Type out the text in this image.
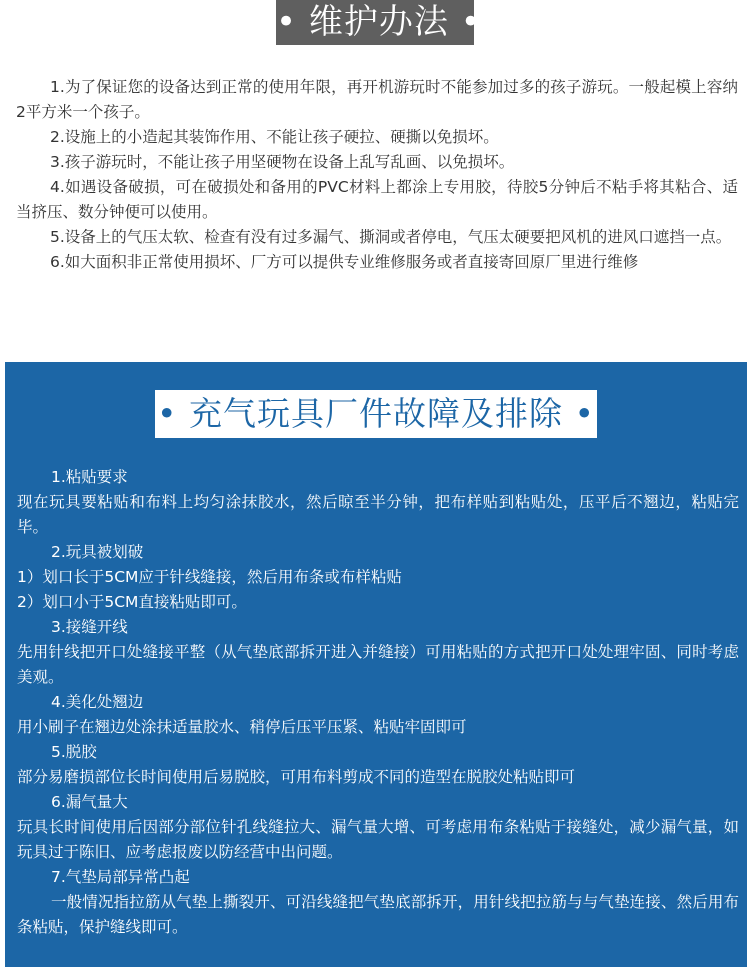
• 维护办法 •

1.为了保证您的设备达到正常的使用年限，再开机游玩时不能参加过多的孩子游玩。一般起模上容纳2平方米一个孩子。

2.设施上的小造起其装饰作用、不能让孩子硬拉、硬撕以免损坏。

3.孩子游玩时，不能让孩子用坚硬物在设备上乱写乱画、以免损坏。

4.如遇设备破损，可在破损处和备用的PVC材料上都涂上专用胶，待胶5分钟后不粘手将其粘合、适当挤压、数分钟便可以使用。

5.设备上的气压太软、检查有没有过多漏气、撕洞或者停电，气压太硬要把风机的进风口遮挡一点。

6.如大面积非正常使用损坏、厂方可以提供专业维修服务或者直接寄回原厂里进行维修

• 充气玩具厂件故障及排除 •

1.粘贴要求

现在玩具要粘贴和布料上均匀涂抹胶水，然后晾至半分钟，把布样贴到粘贴处，压平后不翘边，粘贴完毕。

2.玩具被划破

1）划口长于5CM应于针线缝接，然后用布条或布样粘贴

2）划口小于5CM直接粘贴即可。

3.接缝开线

先用针线把开口处缝接平整（从气垫底部拆开进入并缝接）可用粘贴的方式把开口处处理牢固、同时考虑美观。

4.美化处翘边

用小刷子在翘边处涂抹适量胶水、稍停后压平压紧、粘贴牢固即可

5.脱胶

部分易磨损部位长时间使用后易脱胶，可用布料剪成不同的造型在脱胶处粘贴即可

6.漏气量大

玩具长时间使用后因部分部位针孔线缝拉大、漏气量大增、可考虑用布条粘贴于接缝处，减少漏气量，如玩具过于陈旧、应考虑报废以防经营中出问题。

7.气垫局部异常凸起

一般情况指拉筋从气垫上撕裂开、可沿线缝把气垫底部拆开，用针线把拉筋与与气垫连接、然后用布条粘贴，保护缝线即可。
